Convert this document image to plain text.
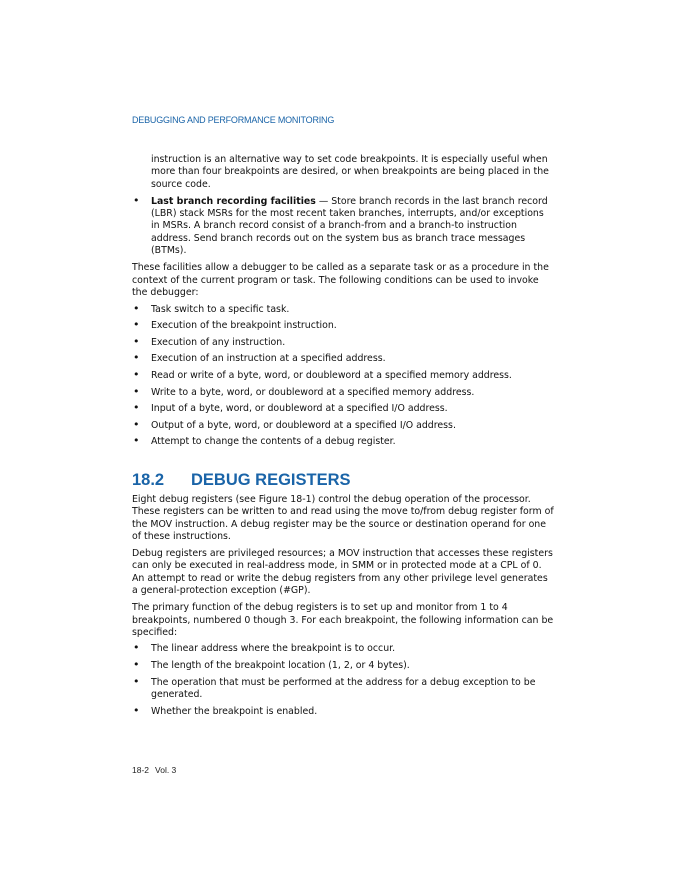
DEBUGGING AND PERFORMANCE MONITORING
instruction is an alternative way to set code breakpoints. It is especially useful when more than four breakpoints are desired, or when breakpoints are being placed in the source code.
• Last branch recording facilities — Store branch records in the last branch record (LBR) stack MSRs for the most recent taken branches, interrupts, and/or exceptions in MSRs. A branch record consist of a branch-from and a branch-to instruction address. Send branch records out on the system bus as branch trace messages (BTMs).

These facilities allow a debugger to be called as a separate task or as a procedure in the context of the current program or task. The following conditions can be used to invoke the debugger:

• Task switch to a specific task.
• Execution of the breakpoint instruction.
• Execution of any instruction.
• Execution of an instruction at a specified address.
• Read or write of a byte, word, or doubleword at a specified memory address.
• Write to a byte, word, or doubleword at a specified memory address.
• Input of a byte, word, or doubleword at a specified I/O address.
• Output of a byte, word, or doubleword at a specified I/O address.
• Attempt to change the contents of a debug register.
18.2	DEBUG REGISTERS

Eight debug registers (see Figure 18-1) control the debug operation of the processor. These registers can be written to and read using the move to/from debug register form of the MOV instruction. A debug register may be the source or destination operand for one of these instructions.

Debug registers are privileged resources; a MOV instruction that accesses these registers can only be executed in real-address mode, in SMM or in protected mode at a CPL of 0. An attempt to read or write the debug registers from any other privilege level generates a general-protection exception (#GP).

The primary function of the debug registers is to set up and monitor from 1 to 4 breakpoints, numbered 0 though 3. For each breakpoint, the following information can be specified:

• The linear address where the breakpoint is to occur.
• The length of the breakpoint location (1, 2, or 4 bytes).
• The operation that must be performed at the address for a debug exception to be generated.
• Whether the breakpoint is enabled.
18-2 Vol. 3
